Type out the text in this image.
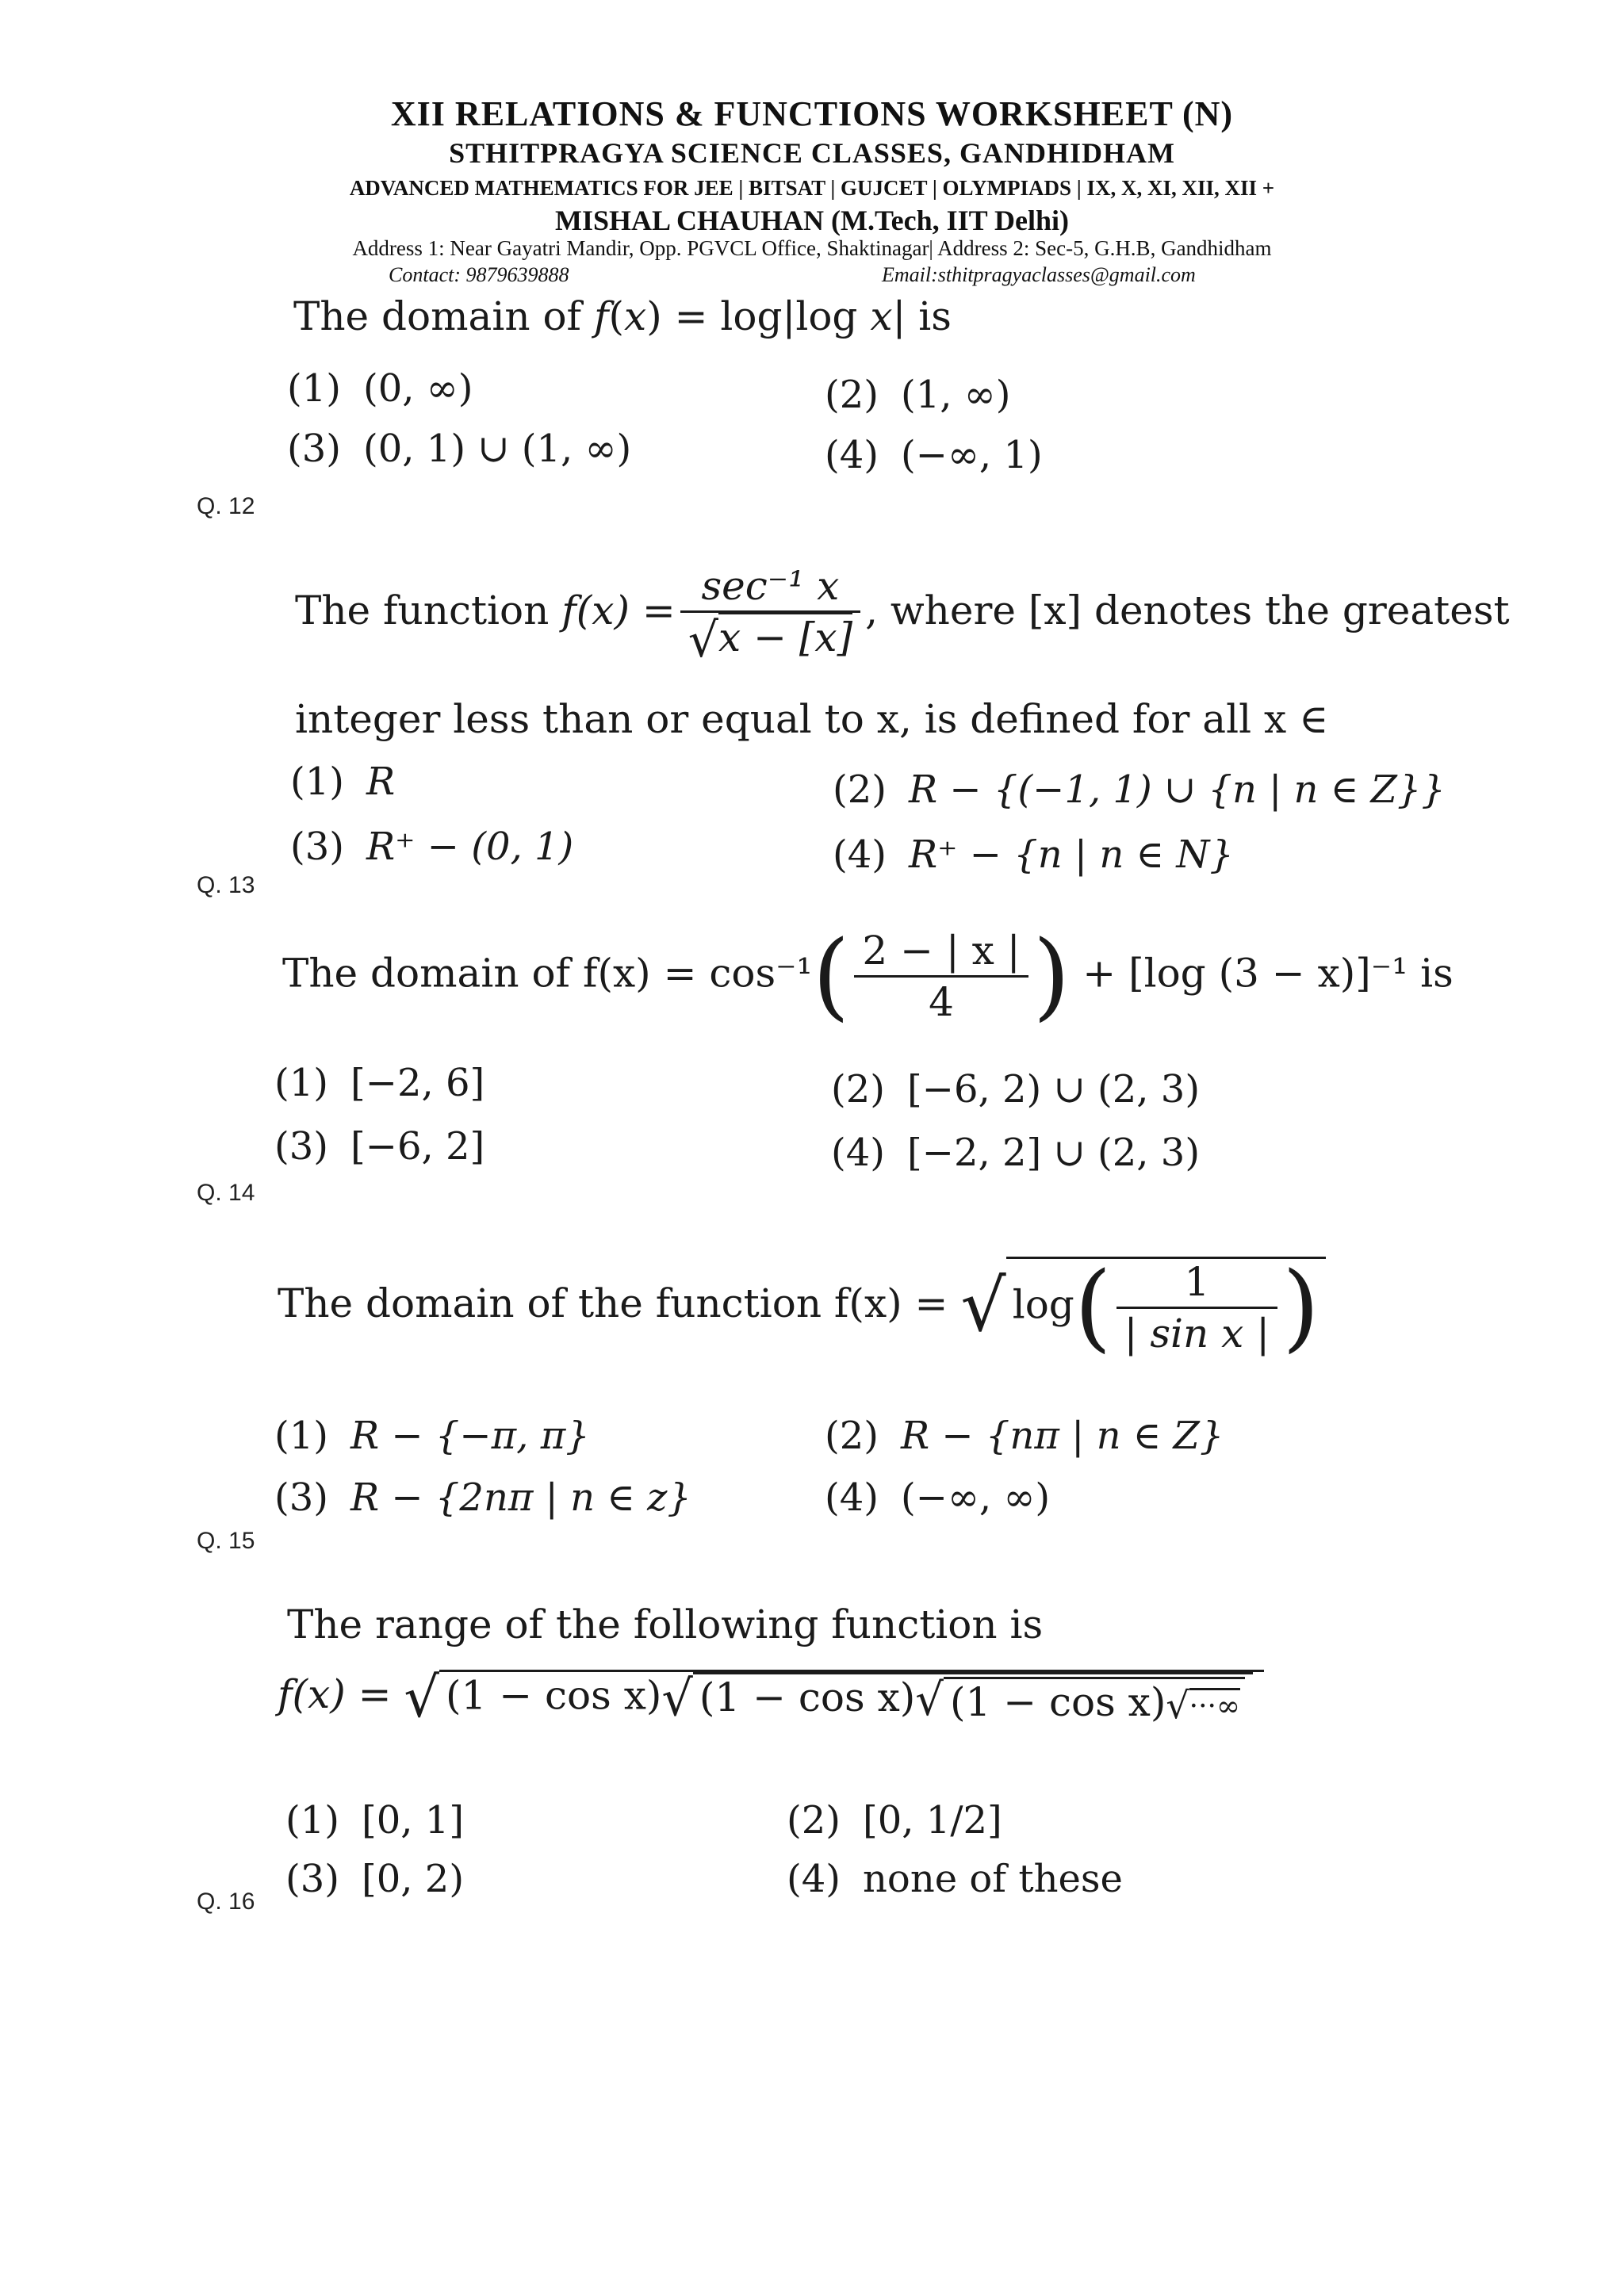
XII RELATIONS & FUNCTIONS WORKSHEET (N)
STHITPRAGYA SCIENCE CLASSES, GANDHIDHAM
ADVANCED MATHEMATICS FOR JEE | BITSAT | GUJCET | OLYMPIADS | IX, X, XI, XII, XII +
MISHAL CHAUHAN (M.Tech, IIT Delhi)
Address 1: Near Gayatri Mandir, Opp. PGVCL Office, Shaktinagar| Address 2: Sec-5, G.H.B, Gandhidham
Contact: 9879639888	Email:sthitpragyaclasses@gmail.com
The domain of f(x) = log|log x| is
(1) (0, ∞)	(2) (1, ∞)
(3) (0, 1) ∪ (1, ∞)	(4) (−∞, 1)
Q. 12
The function $f(x) = \frac{\text{sec⁻¹ x}}{√x - [x]}$ , where [x] denotes the greatest
integer less than or equal to x, is defined for all x ∈
(1) R	(2) R − {(−1, 1) ∪ {n | n ∈ Z}}
(3) R⁺ − (0, 1)	(4) R⁺ − {n | n ∈ N}
Q. 13
The domain of $f(x) = \cos^{-1}( \frac{2 - | x |}{4}$ ) + [log (3 − x)]⁻¹ is
(1) [−2, 6]	(2) [−6, 2) ∪ (2, 3)
(3) [−6, 2]	(4) [−2, 2] ∪ (2, 3)
Q. 14
The domain of the function f(x) = √ $\log( \frac{1}{\text{| sin x |}}$ )
(1) R − {−π, π}	(2) R − {nπ | n ∈ Z}
(3) R − {2nπ | n ∈ z}	(4) (−∞, ∞)
Q. 15
The range of the following function is
f(x) = √ (1 − cos x)√ (1 − cos x)√ (1 − cos x)√···∞
(1) [0, 1]	(2) [0, 1/2]
(3) [0, 2)	(4) none of these
Q. 16
